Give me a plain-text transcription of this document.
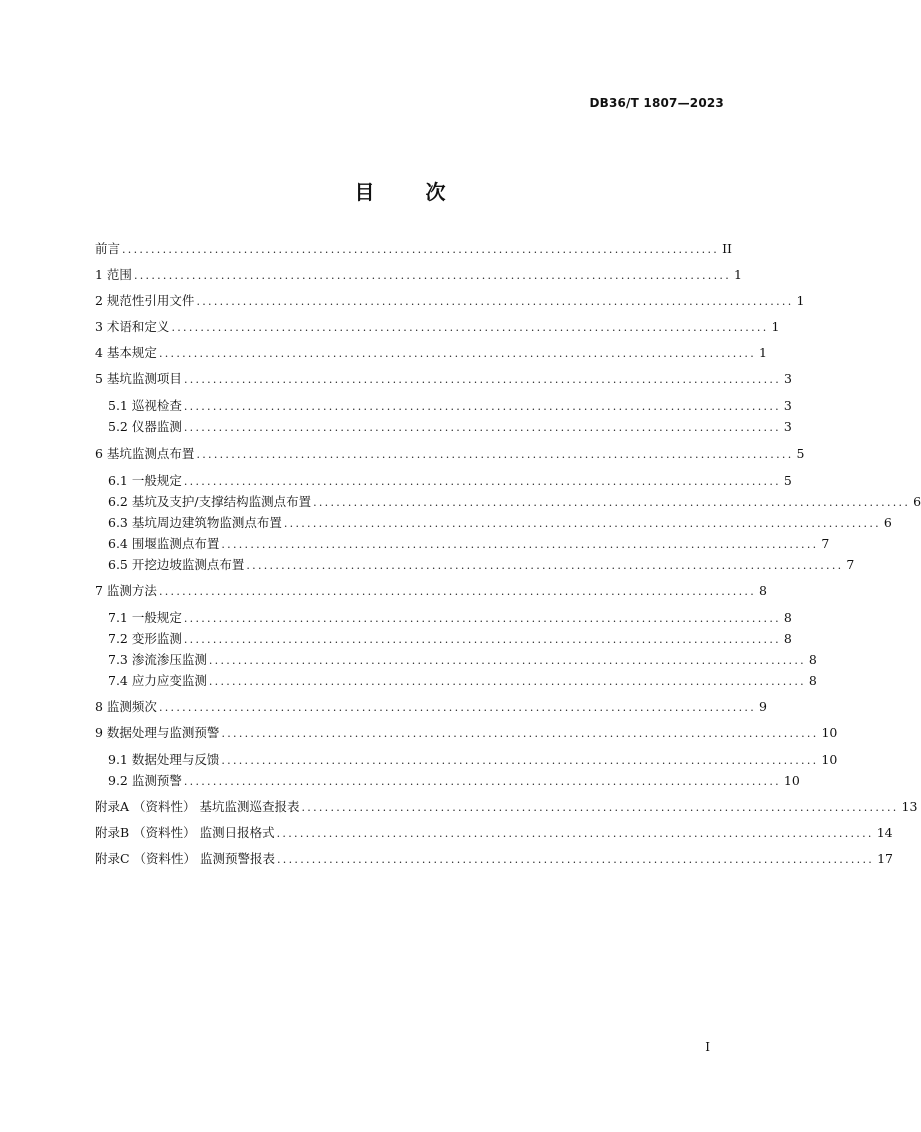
DB36/T 1807—2023
目	次
前言 ....................................................................................................... II
1 范围 ....................................................................................................... 1
2 规范性引用文件 ....................................................................................................... 1
3 术语和定义 ....................................................................................................... 1
4 基本规定 ....................................................................................................... 1
5 基坑监测项目 ....................................................................................................... 3
5.1 巡视检查 ....................................................................................................... 3
5.2 仪器监测 ....................................................................................................... 3
6 基坑监测点布置 ....................................................................................................... 5
6.1 一般规定 ....................................................................................................... 5
6.2 基坑及支护/支撑结构监测点布置 ....................................................................................................... 6
6.3 基坑周边建筑物监测点布置 ....................................................................................................... 6
6.4 围堰监测点布置 ....................................................................................................... 7
6.5 开挖边坡监测点布置 ....................................................................................................... 7
7 监测方法 ....................................................................................................... 8
7.1 一般规定 ....................................................................................................... 8
7.2 变形监测 ....................................................................................................... 8
7.3 渗流渗压监测 ....................................................................................................... 8
7.4 应力应变监测 ....................................................................................................... 8
8 监测频次 ....................................................................................................... 9
9 数据处理与监测预警 ....................................................................................................... 10
9.1 数据处理与反馈 ....................................................................................................... 10
9.2 监测预警 ....................................................................................................... 10
附录A （资料性） 基坑监测巡查报表 ....................................................................................................... 13
附录B （资料性） 监测日报格式 ....................................................................................................... 14
附录C （资料性） 监测预警报表 ....................................................................................................... 17
I
